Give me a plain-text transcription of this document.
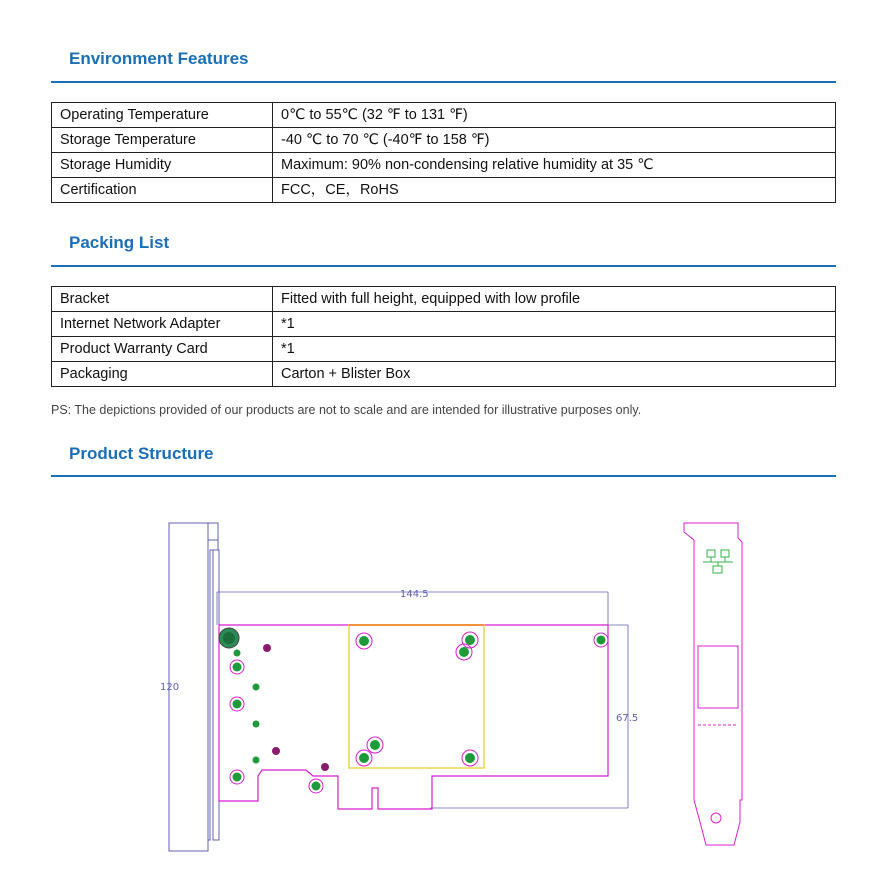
Environment Features
Operating Temperature	0℃ to 55℃ (32 ℉ to 131 ℉)
Storage Temperature	-40 ℃ to 70 ℃ (-40℉ to 158 ℉)
Storage Humidity	Maximum: 90% non-condensing relative humidity at 35 ℃
Certification	FCC，CE，RoHS
Packing List
Bracket	Fitted with full height, equipped with low profile
Internet Network Adapter	*1
Product Warranty Card	*1
Packaging	Carton + Blister Box
PS: The depictions provided of our products are not to scale and are intended for illustrative purposes only.
Product Structure
144.5
120
67.5
